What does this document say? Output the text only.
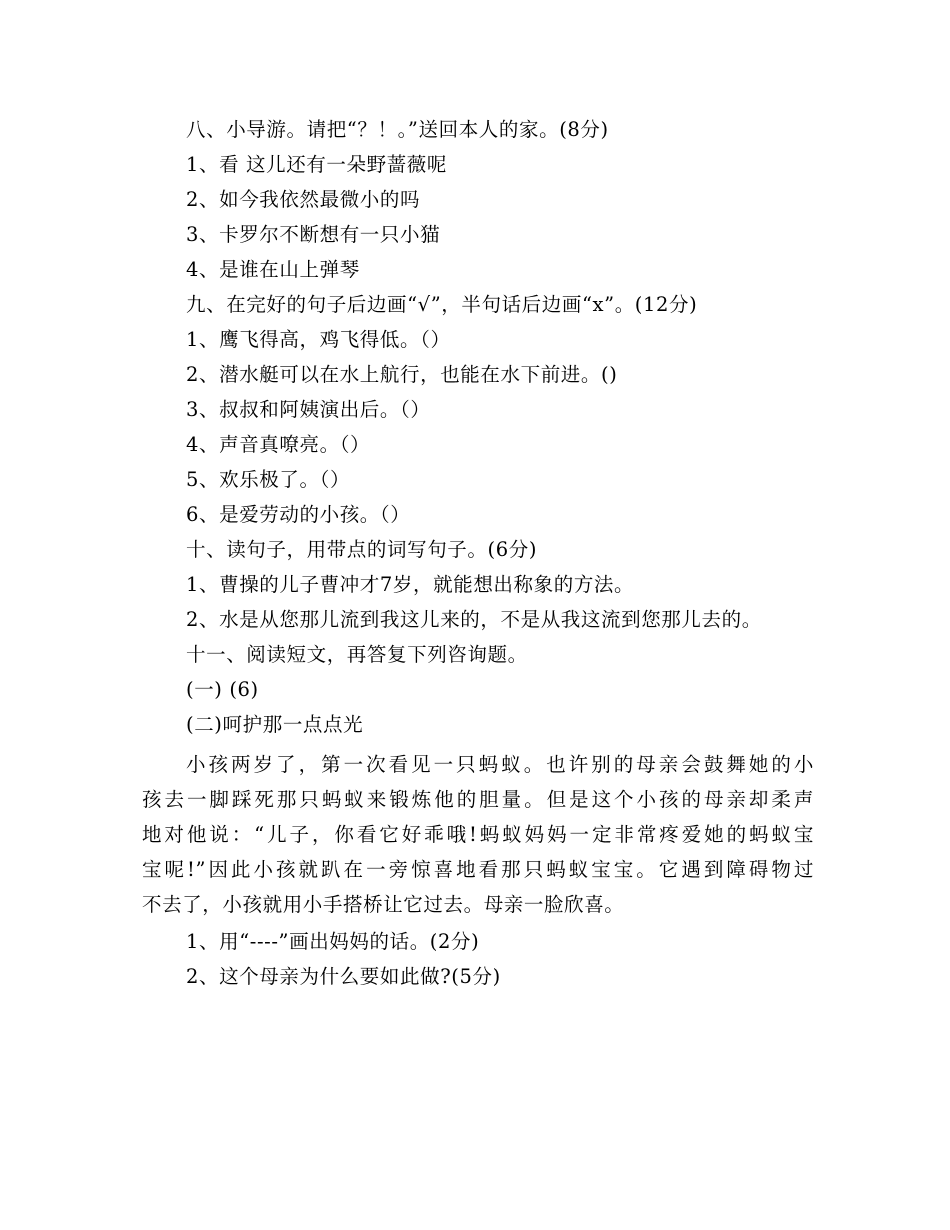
八、小导游。请把“？！。”送回本人的家。(8分)
1、看 这儿还有一朵野蔷薇呢
2、如今我依然最微小的吗
3、卡罗尔不断想有一只小猫
4、是谁在山上弹琴
九、在完好的句子后边画“√”，半句话后边画“x”。(12分)
1、鹰飞得高，鸡飞得低。（）
2、潜水艇可以在水上航行，也能在水下前进。()
3、叔叔和阿姨演出后。（）
4、声音真嘹亮。（）
5、欢乐极了。（）
6、是爱劳动的小孩。（）
十、读句子，用带点的词写句子。(6分)
1、曹操的儿子曹冲才7岁，就能想出称象的方法。
2、水是从您那儿流到我这儿来的，不是从我这流到您那儿去的。
十一、阅读短文，再答复下列咨询题。
(一) (6)
(二)呵护那一点点光
小孩两岁了，第一次看见一只蚂蚁。也许别的母亲会鼓舞她的小
孩去一脚踩死那只蚂蚁来锻炼他的胆量。但是这个小孩的母亲却柔声
地对他说：“儿子，你看它好乖哦!蚂蚁妈妈一定非常疼爱她的蚂蚁宝
宝呢!”因此小孩就趴在一旁惊喜地看那只蚂蚁宝宝。它遇到障碍物过
不去了，小孩就用小手搭桥让它过去。母亲一脸欣喜。
1、用“----”画出妈妈的话。(2分)
2、这个母亲为什么要如此做?(5分)
